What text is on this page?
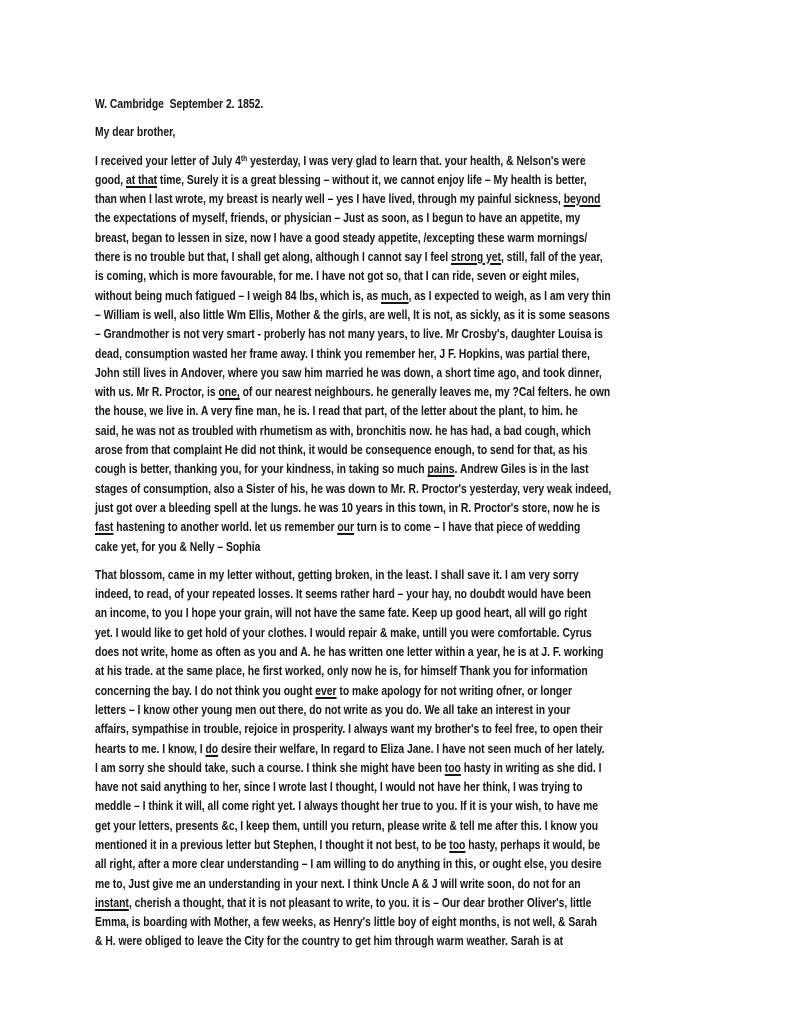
W. Cambridge  September 2. 1852.
My dear brother,
I received your letter of July 4th yesterday, I was very glad to learn that. your health, & Nelson's were
good, at that time, Surely it is a great blessing – without it, we cannot enjoy life – My health is better,
than when I last wrote, my breast is nearly well – yes I have lived, through my painful sickness, beyond
the expectations of myself, friends, or physician – Just as soon, as I begun to have an appetite, my
breast, began to lessen in size, now I have a good steady appetite, /excepting these warm mornings/
there is no trouble but that, I shall get along, although I cannot say I feel strong yet, still, fall of the year,
is coming, which is more favourable, for me. I have not got so, that I can ride, seven or eight miles,
without being much fatigued – I weigh 84 lbs, which is, as much, as I expected to weigh, as I am very thin
– William is well, also little Wm Ellis, Mother & the girls, are well, It is not, as sickly, as it is some seasons
– Grandmother is not very smart - proberly has not many years, to live. Mr Crosby's, daughter Louisa is
dead, consumption wasted her frame away. I think you remember her, J F. Hopkins, was partial there,
John still lives in Andover, where you saw him married he was down, a short time ago, and took dinner,
with us. Mr R. Proctor, is one, of our nearest neighbours. he generally leaves me, my ?Cal felters. he own
the house, we live in. A very fine man, he is. I read that part, of the letter about the plant, to him. he
said, he was not as troubled with rhumetism as with, bronchitis now. he has had, a bad cough, which
arose from that complaint He did not think, it would be consequence enough, to send for that, as his
cough is better, thanking you, for your kindness, in taking so much pains. Andrew Giles is in the last
stages of consumption, also a Sister of his, he was down to Mr. R. Proctor's yesterday, very weak indeed,
just got over a bleeding spell at the lungs. he was 10 years in this town, in R. Proctor's store, now he is
fast hastening to another world. let us remember our turn is to come – I have that piece of wedding
cake yet, for you & Nelly – Sophia
That blossom, came in my letter without, getting broken, in the least. I shall save it. I am very sorry
indeed, to read, of your repeated losses. It seems rather hard – your hay, no doubdt would have been
an income, to you I hope your grain, will not have the same fate. Keep up good heart, all will go right
yet. I would like to get hold of your clothes. I would repair & make, untill you were comfortable. Cyrus
does not write, home as often as you and A. he has written one letter within a year, he is at J. F. working
at his trade. at the same place, he first worked, only now he is, for himself Thank you for information
concerning the bay. I do not think you ought ever to make apology for not writing ofner, or longer
letters – I know other young men out there, do not write as you do. We all take an interest in your
affairs, sympathise in trouble, rejoice in prosperity. I always want my brother's to feel free, to open their
hearts to me. I know, I do desire their welfare, In regard to Eliza Jane. I have not seen much of her lately.
I am sorry she should take, such a course. I think she might have been too hasty in writing as she did. I
have not said anything to her, since I wrote last I thought, I would not have her think, I was trying to
meddle – I think it will, all come right yet. I always thought her true to you. If it is your wish, to have me
get your letters, presents &c, I keep them, untill you return, please write & tell me after this. I know you
mentioned it in a previous letter but Stephen, I thought it not best, to be too hasty, perhaps it would, be
all right, after a more clear understanding – I am willing to do anything in this, or ought else, you desire
me to, Just give me an understanding in your next. I think Uncle A & J will write soon, do not for an
instant, cherish a thought, that it is not pleasant to write, to you. it is – Our dear brother Oliver's, little
Emma, is boarding with Mother, a few weeks, as Henry's little boy of eight months, is not well, & Sarah
& H. were obliged to leave the City for the country to get him through warm weather. Sarah is at
